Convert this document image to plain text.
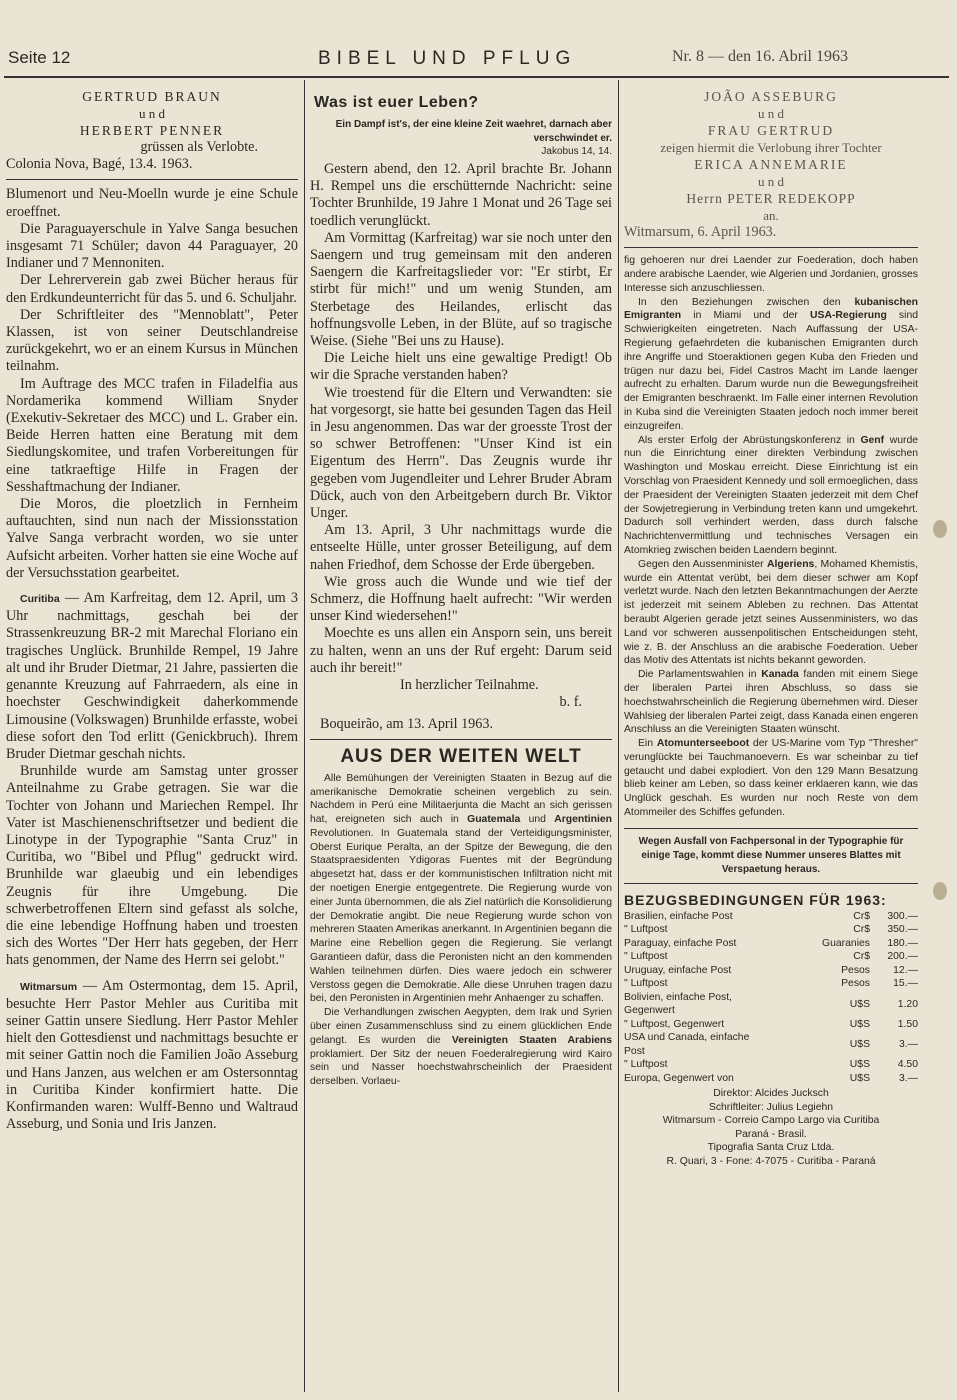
Seite 12	BIBEL UND PFLUG	Nr. 8 — den 16. Abril 1963
GERTRUD BRAUN
u n d
HERBERT PENNER
grüssen als Verlobte.
Colonia Nova, Bagé, 13.4. 1963.

Blumenort und Neu-Moelln wurde je eine Schule eroeffnet.

Die Paraguayerschule in Yalve Sanga besuchen insgesamt 71 Schüler; davon 44 Paraguayer, 20 Indianer und 7 Mennoniten.

Der Lehrerverein gab zwei Bücher heraus für den Erdkundeunterricht für das 5. und 6. Schuljahr.

Der Schriftleiter des "Mennoblatt", Peter Klassen, ist von seiner Deutschlandreise zurückgekehrt, wo er an einem Kursus in München teilnahm.

Im Auftrage des MCC trafen in Filadelfia aus Nordamerika kommend William Snyder (Exekutiv-Sekretaer des MCC) und L. Graber ein. Beide Herren hatten eine Beratung mit dem Siedlungskomitee, und trafen Vorbereitungen für eine tatkraeftige Hilfe in Fragen der Sesshaftmachung der Indianer.

Die Moros, die ploetzlich in Fernheim auftauchten, sind nun nach der Missionsstation Yalve Sanga verbracht worden, wo sie unter Aufsicht arbeiten. Vorher hatten sie eine Woche auf der Versuchsstation gearbeitet.

Curitiba — Am Karfreitag, dem 12. April, um 3 Uhr nachmittags, geschah bei der Strassenkreuzung BR-2 mit Marechal Floriano ein tragisches Unglück. Brunhilde Rempel, 19 Jahre alt und ihr Bruder Dietmar, 21 Jahre, passierten die genannte Kreuzung auf Fahrraedern, als eine in hoechster Geschwindigkeit daherkommende Limousine (Volkswagen) Brunhilde erfasste, wobei diese sofort den Tod erlitt (Genickbruch). Ihrem Bruder Dietmar geschah nichts.

Brunhilde wurde am Samstag unter grosser Anteilnahme zu Grabe getragen. Sie war die Tochter von Johann und Mariechen Rempel. Ihr Vater ist Maschienenschriftsetzer und bedient die Linotype in der Typographie "Santa Cruz" in Curitiba, wo "Bibel und Pflug" gedruckt wird. Brunhilde war glaeubig und ein lebendiges Zeugnis für ihre Umgebung. Die schwerbetroffenen Eltern sind gefasst als solche, die eine lebendige Hoffnung haben und troesten sich des Wortes "Der Herr hats gegeben, der Herr hats genommen, der Name des Herrn sei gelobt."

Witmarsum — Am Ostermontag, dem 15. April, besuchte Herr Pastor Mehler aus Curitiba mit seiner Gattin unsere Siedlung. Herr Pastor Mehler hielt den Gottesdienst und nachmittags besuchte er mit seiner Gattin noch die Familien João Asseburg und Hans Janzen, aus welchen er am Ostersonntag in Curitiba Kinder konfirmiert hatte. Die Konfirmanden waren: Wulff-Benno und Waltraud Asseburg, und Sonia und Iris Janzen.

Was ist euer Leben?
Ein Dampf ist's, der eine kleine Zeit waehret, darnach aber verschwindet er.
Jakobus 14, 14.

Gestern abend, den 12. April brachte Br. Johann H. Rempel uns die erschütternde Nachricht: seine Tochter Brunhilde, 19 Jahre 1 Monat und 26 Tage sei toedlich verunglückt.

Am Vormittag (Karfreitag) war sie noch unter den Saengern und trug gemeinsam mit den anderen Saengern die Karfreitagslieder vor: "Er stirbt, Er stirbt für mich!" und um wenig Stunden, am Sterbetage des Heilandes, erlischt das hoffnungsvolle Leben, in der Blüte, auf so tragische Weise. (Siehe "Bei uns zu Hause).

Die Leiche hielt uns eine gewaltige Predigt! Ob wir die Sprache verstanden haben?

Wie troestend für die Eltern und Verwandten: sie hat vorgesorgt, sie hatte bei gesunden Tagen das Heil in Jesu angenommen. Das war der groesste Trost der so schwer Betroffenen: "Unser Kind ist ein Eigentum des Herrn". Das Zeugnis wurde ihr gegeben vom Jugendleiter und Lehrer Bruder Abram Dück, auch von den Arbeitgebern durch Br. Viktor Unger.

Am 13. April, 3 Uhr nachmittags wurde die entseelte Hülle, unter grosser Beteiligung, auf dem nahen Friedhof, dem Schosse der Erde übergeben.

Wie gross auch die Wunde und wie tief der Schmerz, die Hoffnung haelt aufrecht: "Wir werden unser Kind wiedersehen!"

Moechte es uns allen ein Ansporn sein, uns bereit zu halten, wenn an uns der Ruf ergeht: Darum seid auch ihr bereit!"

In herzlicher Teilnahme.
b. f.
Boqueirão, am 13. April 1963.
AUS DER WEITEN WELT

Alle Bemühungen der Vereinigten Staaten in Bezug auf die amerikanische Demokratie scheinen vergeblich zu sein. Nachdem in Perú eine Militaerjunta die Macht an sich gerissen hat, ereigneten sich auch in Guatemala und Argentinien Revolutionen. In Guatemala stand der Verteidigungsminister, Oberst Eurique Peralta, an der Spitze der Bewegung, die den Staatspraesidenten Ydigoras Fuentes mit der Begründung abgesetzt hat, dass er der kommunistischen Infiltration nicht mit der noetigen Energie entgegentrete. Die Regierung wurde von einer Junta übernommen, die als Ziel natürlich die Konsolidierung der Demokratie angibt. Die neue Regierung wurde schon von mehreren Staaten Amerikas anerkannt. In Argentinien begann die Marine eine Rebellion gegen die Regierung. Sie verlangt Garantieen dafür, dass die Peronisten nicht an den kommenden Wahlen teilnehmen dürfen. Dies waere jedoch ein schwerer Verstoss gegen die Demokratie. Alle diese Unruhen tragen dazu bei, den Peronisten in Argentinien mehr Anhaenger zu schaffen.

Die Verhandlungen zwischen Aegypten, dem Irak und Syrien über einen Zusammenschluss sind zu einem glücklichen Ende gelangt. Es wurden die Vereinigten Staaten Arabiens proklamiert. Der Sitz der neuen Foederalregierung wird Kairo sein und Nasser hoechstwahrscheinlich der Praesident derselben. Vorlaeu-

JOÃO ASSEBURG
u n d
FRAU GERTRUD
zeigen hiermit die Verlobung ihrer Tochter
ERICA ANNEMARIE
u n d
Herrn PETER REDEKOPP
an.
Witmarsum, 6. April 1963.

fig gehoeren nur drei Laender zur Foederation, doch haben andere arabische Laender, wie Algerien und Jordanien, grosses Interesse sich anzuschliessen.

In den Beziehungen zwischen den kubanischen Emigranten in Miami und der USA-Regierung sind Schwierigkeiten eingetreten. Nach Auffassung der USA-Regierung gefaehrdeten die kubanischen Emigranten durch ihre Angriffe und Stoeraktionen gegen Kuba den Frieden und trügen nur dazu bei, Fidel Castros Macht im Lande laenger aufrecht zu erhalten. Darum wurde nun die Bewegungsfreiheit der Emigranten beschraenkt. Im Falle einer internen Revolution in Kuba sind die Vereinigten Staaten jedoch noch immer bereit einzugreifen.

Als erster Erfolg der Abrüstungskonferenz in Genf wurde nun die Einrichtung einer direkten Verbindung zwischen Washington und Moskau erreicht. Diese Einrichtung ist ein Vorschlag von Praesident Kennedy und soll ermoeglichen, dass der Praesident der Vereinigten Staaten jederzeit mit dem Chef der Sowjetregierung in Verbindung treten kann und umgekehrt. Dadurch soll verhindert werden, dass durch falsche Nachrichtenvermittlung und technisches Versagen ein Atomkrieg zwischen beiden Laendern beginnt.

Gegen den Aussenminister Algeriens, Mohamed Khemistis, wurde ein Attentat verübt, bei dem dieser schwer am Kopf verletzt wurde. Nach den letzten Bekanntmachungen der Aerzte ist jederzeit mit seinem Ableben zu rechnen. Das Attentat beraubt Algerien gerade jetzt seines Aussenministers, wo das Land vor schweren aussenpolitischen Entscheidungen steht, wie z. B. der Anschluss an die arabische Foederation. Ueber das Motiv des Attentats ist nichts bekannt geworden.

Die Parlamentswahlen in Kanada fanden mit einem Siege der liberalen Partei ihren Abschluss, so dass sie hoechstwahrscheinlich die Regierung übernehmen wird. Dieser Wahlsieg der liberalen Partei zeigt, dass Kanada einen engeren Anschluss an die Vereinigten Staaten wünscht.

Ein Atomunterseeboot der US-Marine vom Typ "Thresher" verunglückte bei Tauchmanoevern. Es war scheinbar zu tief getaucht und dabei explodiert. Von den 129 Mann Besatzung blieb keiner am Leben, so dass keiner erklaeren kann, wie das Unglück geschah. Es wurden nur noch Reste von dem Atommeiler des Schiffes gefunden.

Wegen Ausfall von Fachpersonal in der Typographie für einige Tage, kommt diese Nummer unseres Blattes mit Verspaetung heraus.
BEZUGSBEDINGUNGEN FÜR 1963:
Brasilien, einfache Post	Cr$	300.—
" Luftpost	Cr$	350.—
Paraguay, einfache Post	Guaranies	180.—
" Luftpost	Cr$	200.—
Uruguay, einfache Post	Pesos	12.—
" Luftpost	Pesos	15.—
Bolivien, einfache Post, Gegenwert	U$S	1.20
" Luftpost, Gegenwert	U$S	1.50
USA und Canada, einfache Post	U$S	3.—
" Luftpost	U$S	4.50
Europa, Gegenwert von	U$S	3.—
Direktor: Alcides Jucksch
Schriftleiter: Julius Legiehn
Witmarsum - Correio Campo Largo via Curitiba
Paraná - Brasil.
Tipografia Santa Cruz Ltda.
R. Quari, 3 - Fone: 4-7075 - Curitiba - Paraná
